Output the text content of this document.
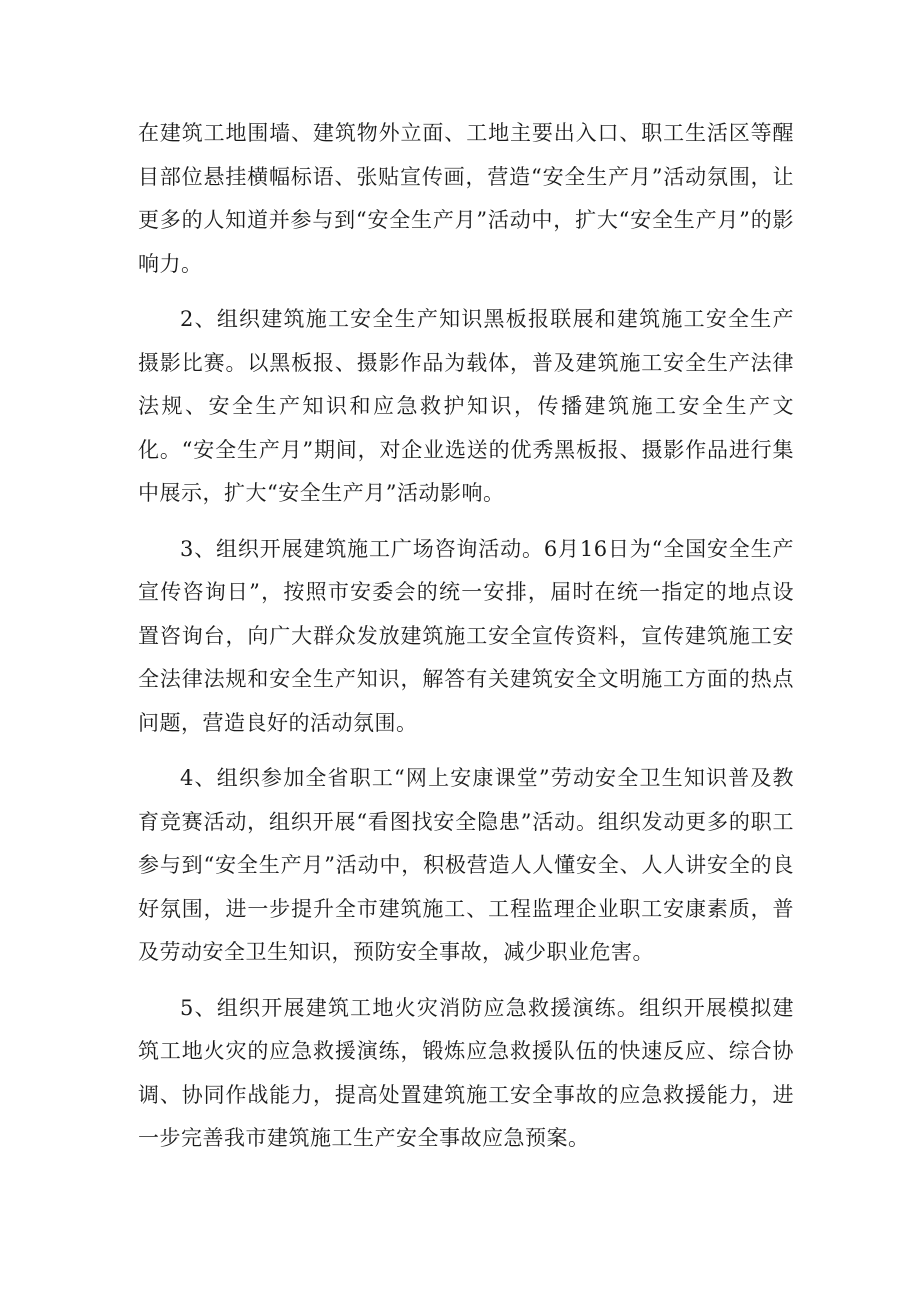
在建筑工地围墙、建筑物外立面、工地主要出入口、职工生活区等醒目部位悬挂横幅标语、张贴宣传画，营造“安全生产月”活动氛围，让更多的人知道并参与到“安全生产月”活动中，扩大“安全生产月”的影响力。

2、组织建筑施工安全生产知识黑板报联展和建筑施工安全生产摄影比赛。以黑板报、摄影作品为载体，普及建筑施工安全生产法律法规、安全生产知识和应急救护知识，传播建筑施工安全生产文化。“安全生产月”期间，对企业选送的优秀黑板报、摄影作品进行集中展示，扩大“安全生产月”活动影响。

3、组织开展建筑施工广场咨询活动。6月16日为“全国安全生产宣传咨询日”，按照市安委会的统一安排，届时在统一指定的地点设置咨询台，向广大群众发放建筑施工安全宣传资料，宣传建筑施工安全法律法规和安全生产知识，解答有关建筑安全文明施工方面的热点问题，营造良好的活动氛围。

4、组织参加全省职工“网上安康课堂”劳动安全卫生知识普及教育竞赛活动，组织开展“看图找安全隐患”活动。组织发动更多的职工参与到“安全生产月”活动中，积极营造人人懂安全、人人讲安全的良好氛围，进一步提升全市建筑施工、工程监理企业职工安康素质，普及劳动安全卫生知识，预防安全事故，减少职业危害。

5、组织开展建筑工地火灾消防应急救援演练。组织开展模拟建筑工地火灾的应急救援演练，锻炼应急救援队伍的快速反应、综合协调、协同作战能力，提高处置建筑施工安全事故的应急救援能力，进一步完善我市建筑施工生产安全事故应急预案。
